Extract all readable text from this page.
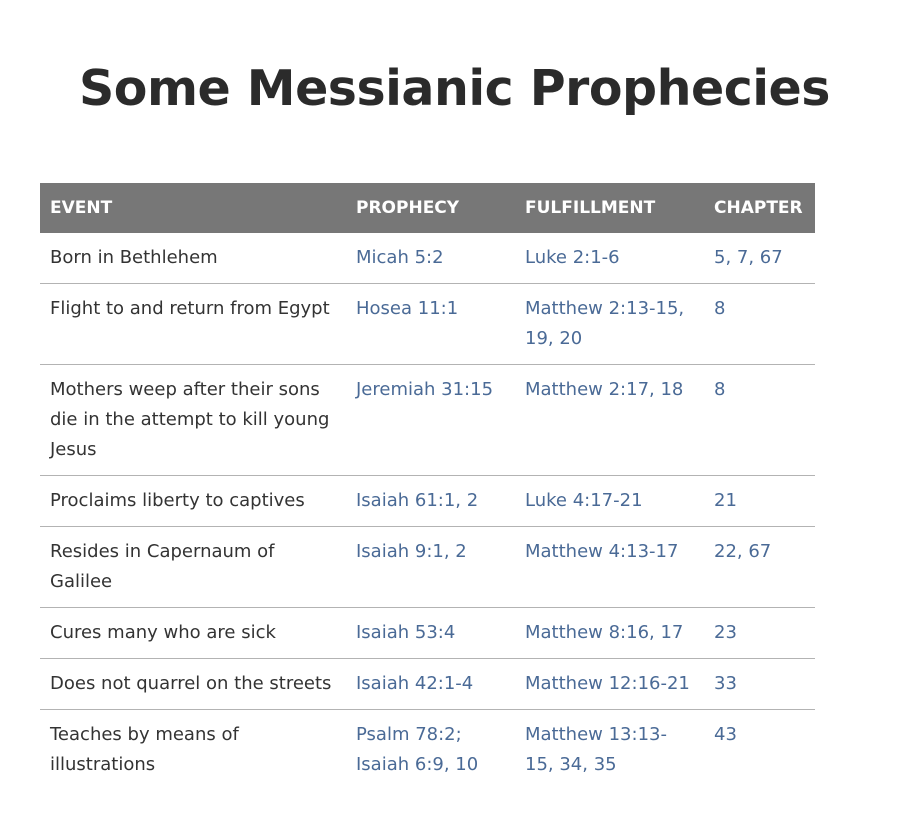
Some Messianic Prophecies
EVENT	PROPHECY	FULFILLMENT	CHAPTER
Born in Bethlehem	Micah 5:2	Luke 2:1-6	5, 7, 67
Flight to and return from Egypt	Hosea 11:1	Matthew 2:13-15, 19, 20	8
Mothers weep after their sons die in the attempt to kill young Jesus	Jeremiah 31:15	Matthew 2:17, 18	8
Proclaims liberty to captives	Isaiah 61:1, 2	Luke 4:17-21	21
Resides in Capernaum of Galilee	Isaiah 9:1, 2	Matthew 4:13-17	22, 67
Cures many who are sick	Isaiah 53:4	Matthew 8:16, 17	23
Does not quarrel on the streets	Isaiah 42:1-4	Matthew 12:16-21	33
Teaches by means of illustrations	Psalm 78:2; Isaiah 6:9, 10	Matthew 13:13-15, 34, 35	43
